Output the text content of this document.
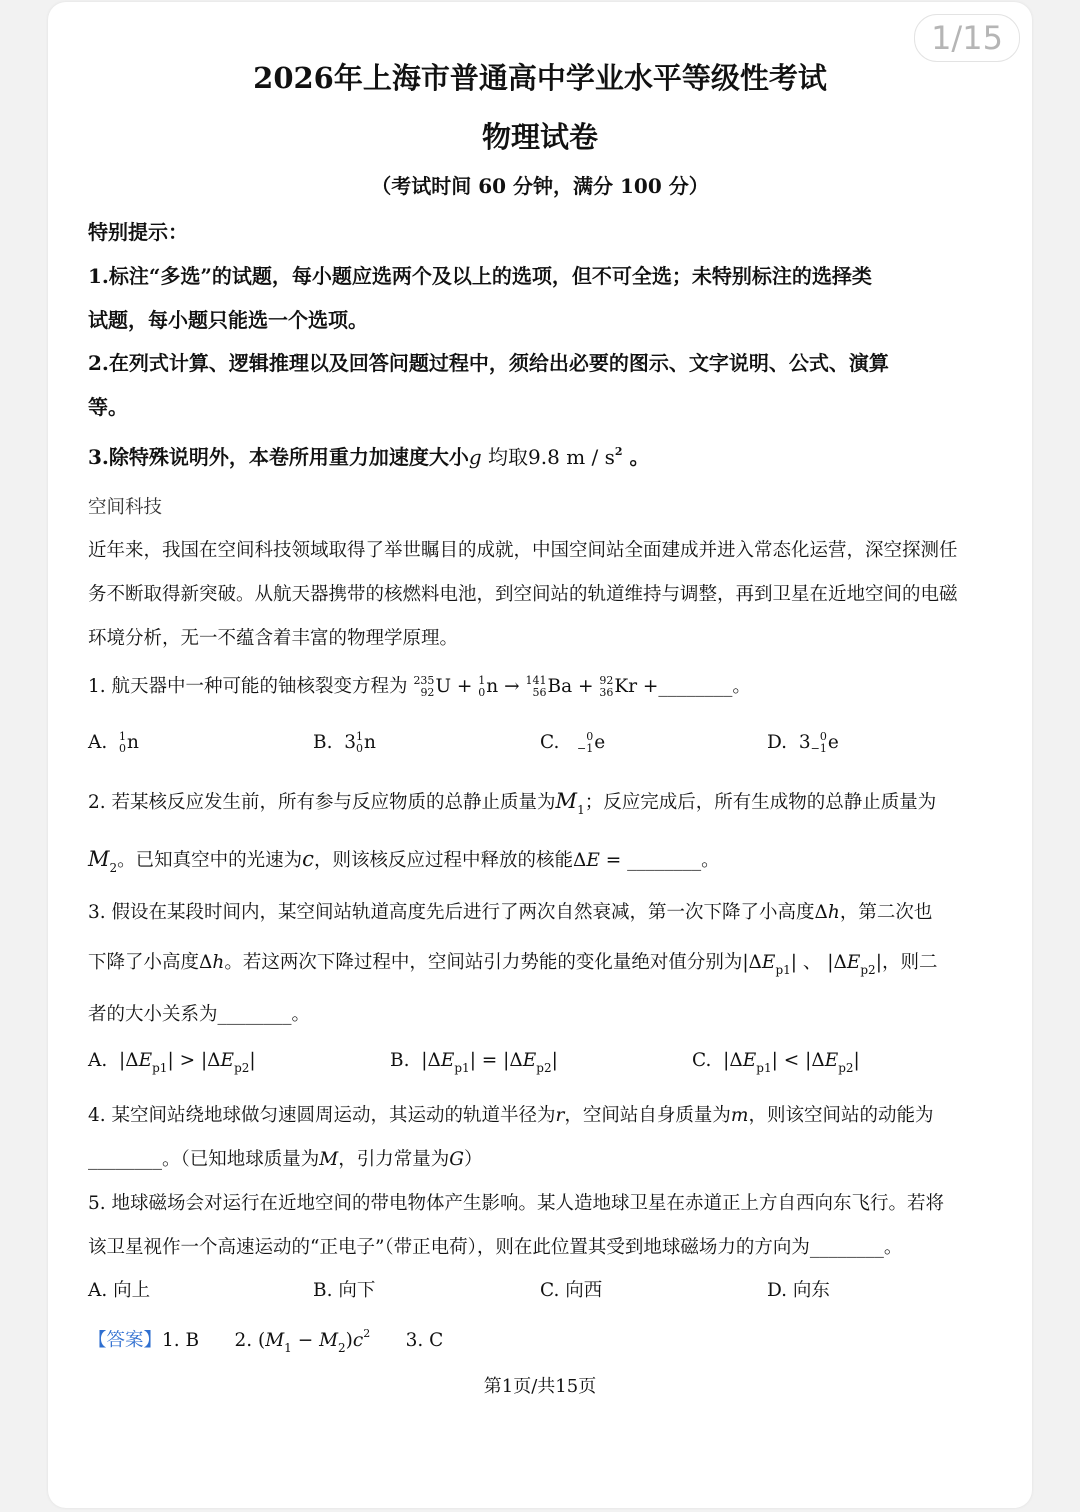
1/15
2026年上海市普通高中学业水平等级性考试
物理试卷
（考试时间 60 分钟，满分 100 分）
特别提示：
1.标注“多选”的试题，每小题应选两个及以上的选项，但不可全选；未特别标注的选择类
试题，每小题只能选一个选项。
2.在列式计算、逻辑推理以及回答问题过程中，须给出必要的图示、文字说明、公式、演算
等。
3.除特殊说明外，本卷所用重力加速度大小g 均取9.8 m / $s^2$ 。
空间科技
近年来，我国在空间科技领域取得了举世瞩目的成就，中国空间站全面建成并进入常态化运营，深空探测任
务不断取得新突破。从航天器携带的核燃料电池，到空间站的轨道维持与调整，再到卫星在近地空间的电磁
环境分析，无一不蕴含着丰富的物理学原理。
1. 航天器中一种可能的铀核裂变方程为 235
92 U + 1
0 n → 141
56 Ba + 92
36 Kr +________。
A. 1
0 n	B.  3 1
0 n	C.	0
−1 e	D.  3 0
−1 e
2. 若某核反应发生前，所有参与反应物质的总静止质量为$M_1$；反应完成后，所有生成物的总静止质量为
$M_2$。已知真空中的光速为c，则该核反应过程中释放的核能ΔE = ________。
3. 假设在某段时间内，某空间站轨道高度先后进行了两次自然衰减，第一次下降了小高度Δh，第二次也
下降了小高度Δh。若这两次下降过程中，空间站引力势能的变化量绝对值分别为$|\Delta E_{p1}|$ 、 $|\Delta E_{p2}|$，则二
者的大小关系为________。
A.  $|\Delta E_{p1}| > |\Delta E_{p2}|$	B.  $|\Delta E_{p1}| = |\Delta E_{p2}|$	C.  $|\Delta E_{p1}| < |\Delta E_{p2}|$
4. 某空间站绕地球做匀速圆周运动，其运动的轨道半径为r，空间站自身质量为m，则该空间站的动能为
________。（已知地球质量为M，引力常量为G）
5. 地球磁场会对运行在近地空间的带电物体产生影响。某人造地球卫星在赤道正上方自西向东飞行。若将
该卫星视作一个高速运动的“正电子”（带正电荷），则在此位置其受到地球磁场力的方向为________。
A. 向上	B. 向下	C. 向西	D. 向东
【答案】1. B 2. $(M_1 - M_2)c^2$ 3. C
第1页/共15页
